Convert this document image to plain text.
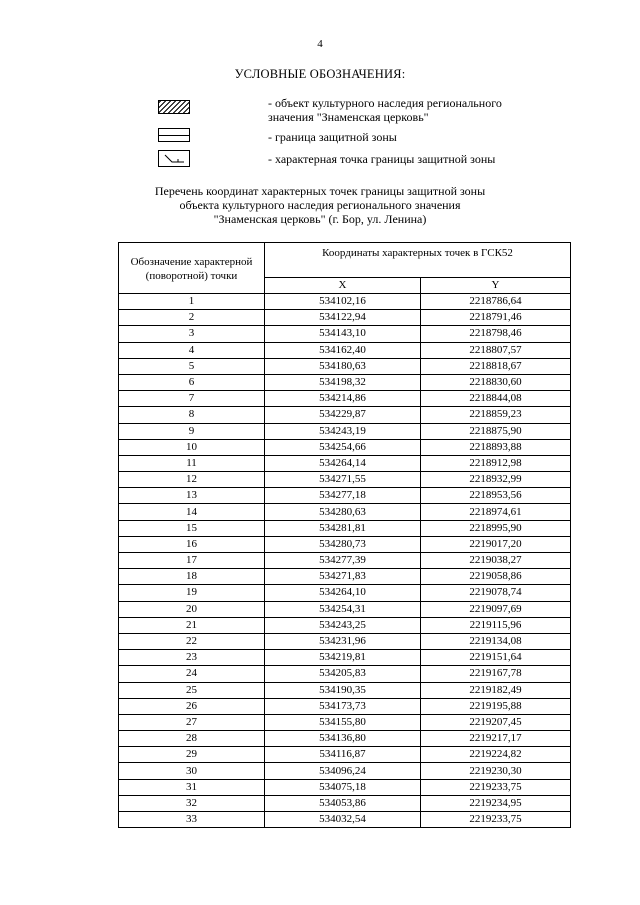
4
УСЛОВНЫЕ ОБОЗНАЧЕНИЯ:
- объект культурного наследия регионального
значения "Знаменская церковь"
- граница защитной зоны
- характерная точка границы защитной зоны
Перечень координат характерных точек границы защитной зоны
объекта культурного наследия регионального значения
"Знаменская церковь" (г. Бор, ул. Ленина)
Обозначение характерной (поворотной) точки	Координаты характерных точек в ГСК52	
	X	Y
1	534102,16	2218786,64
2	534122,94	2218791,46
3	534143,10	2218798,46
4	534162,40	2218807,57
5	534180,63	2218818,67
6	534198,32	2218830,60
7	534214,86	2218844,08
8	534229,87	2218859,23
9	534243,19	2218875,90
10	534254,66	2218893,88
11	534264,14	2218912,98
12	534271,55	2218932,99
13	534277,18	2218953,56
14	534280,63	2218974,61
15	534281,81	2218995,90
16	534280,73	2219017,20
17	534277,39	2219038,27
18	534271,83	2219058,86
19	534264,10	2219078,74
20	534254,31	2219097,69
21	534243,25	2219115,96
22	534231,96	2219134,08
23	534219,81	2219151,64
24	534205,83	2219167,78
25	534190,35	2219182,49
26	534173,73	2219195,88
27	534155,80	2219207,45
28	534136,80	2219217,17
29	534116,87	2219224,82
30	534096,24	2219230,30
31	534075,18	2219233,75
32	534053,86	2219234,95
33	534032,54	2219233,75
